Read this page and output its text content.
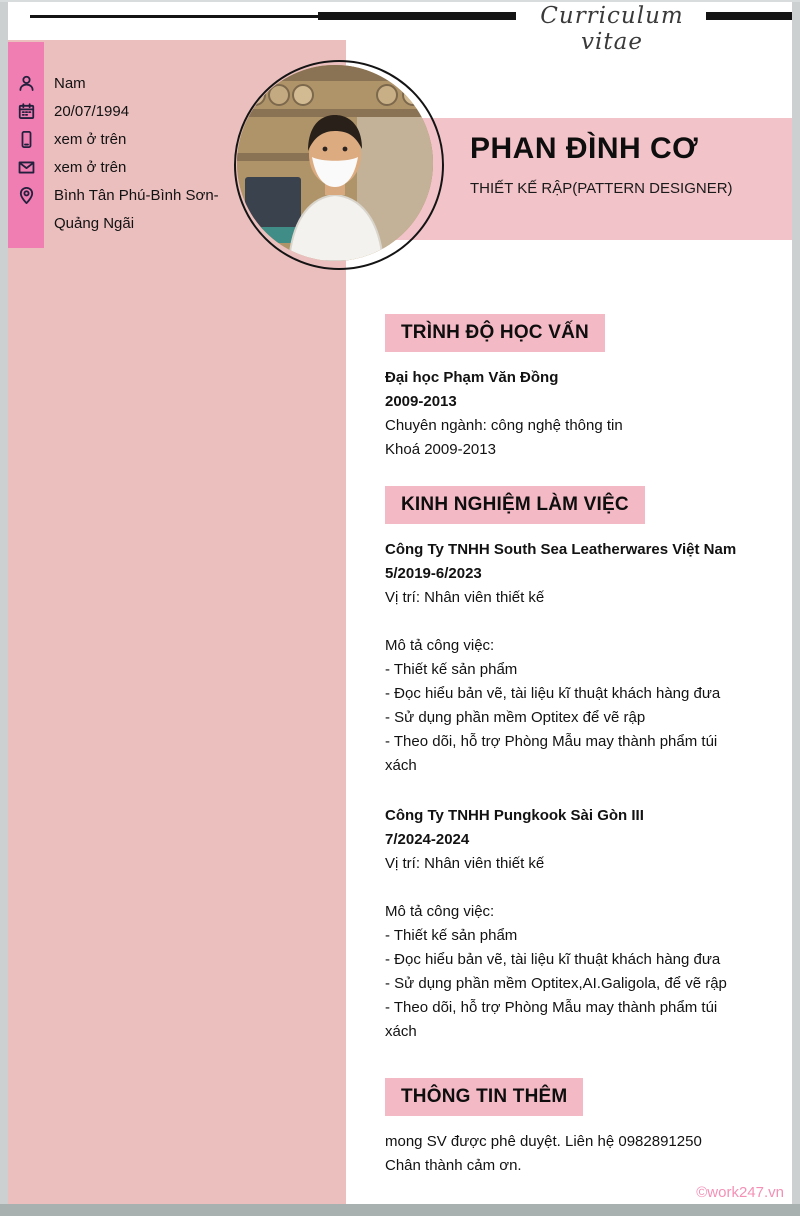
Curriculum vitae
Nam
20/07/1994
xem ở trên
xem ở trên
Bình Tân Phú-Bình Sơn- Quảng Ngãi
PHAN ĐÌNH CƠ
THIẾT KẾ RẬP(PATTERN DESIGNER)

TRÌNH ĐỘ HỌC VẤN

Đại học Phạm Văn Đồng

2009-2013

Chuyên ngành: công nghệ thông tin

Khoá 2009-2013

KINH NGHIỆM LÀM VIỆC

Công Ty TNHH South Sea Leatherwares Việt Nam

5/2019-6/2023

Vị trí: Nhân viên thiết kế

Mô tả công việc:

- Thiết kế sản phẩm

- Đọc hiểu bản vẽ, tài liệu kĩ thuật khách hàng đưa

- Sử dụng phần mềm Optitex để vẽ rập

- Theo dõi, hỗ trợ Phòng Mẫu may thành phẩm túi xách

Công Ty TNHH Pungkook Sài Gòn III

7/2024-2024

Vị trí: Nhân viên thiết kế

Mô tả công việc:

- Thiết kế sản phẩm

- Đọc hiểu bản vẽ, tài liệu kĩ thuật khách hàng đưa

- Sử dụng phần mềm Optitex,AI.Galigola, để vẽ rập

- Theo dõi, hỗ trợ Phòng Mẫu may thành phẩm túi xách

THÔNG TIN THÊM

mong SV được phê duyệt. Liên hệ 0982891250

Chân thành cảm ơn.

©work247.vn
